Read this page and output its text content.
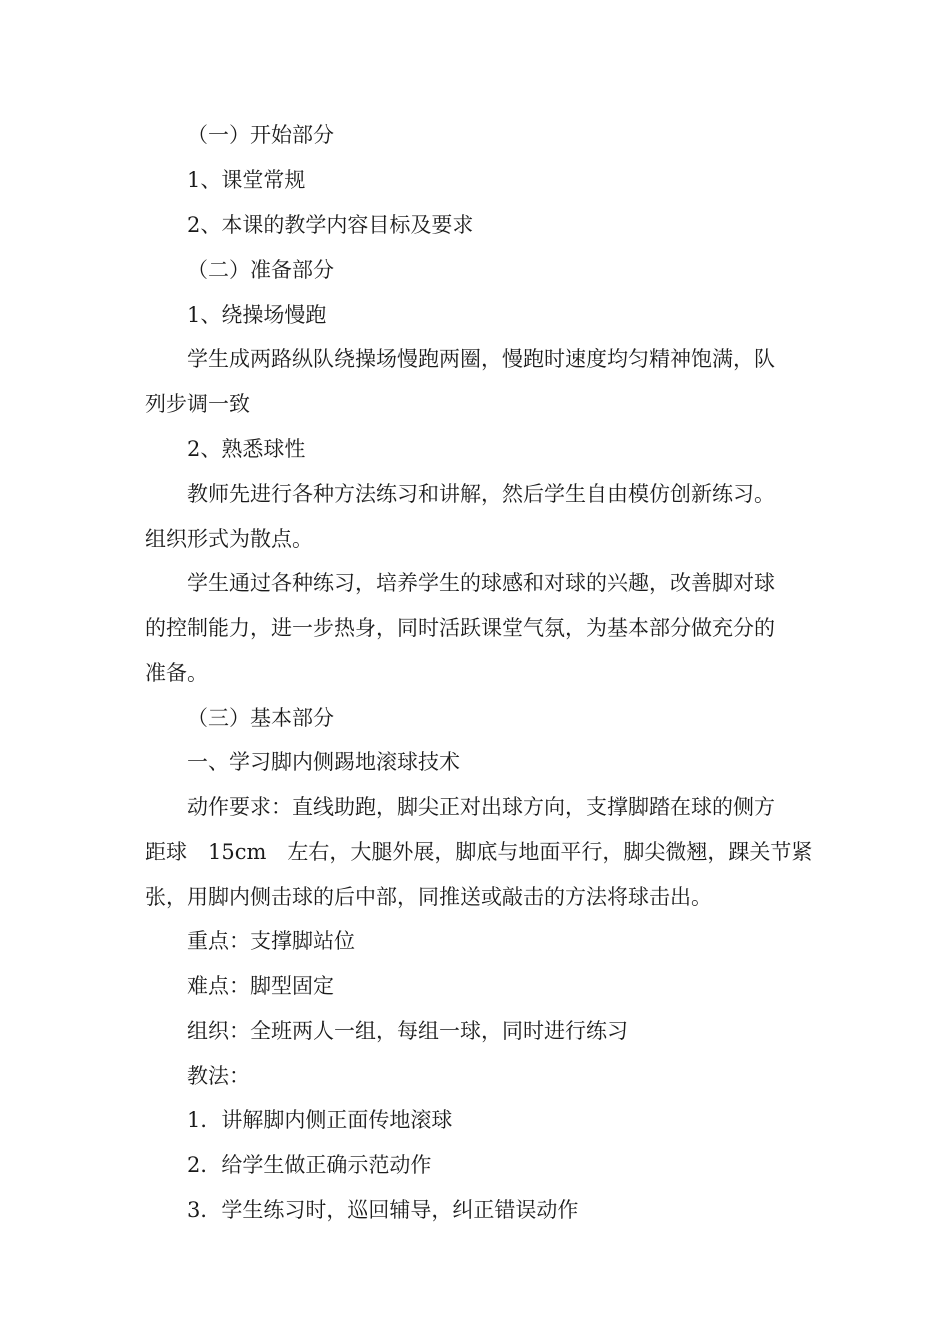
（一）开始部分
1、课堂常规
2、本课的教学内容目标及要求
（二）准备部分
1、绕操场慢跑
学生成两路纵队绕操场慢跑两圈，慢跑时速度均匀精神饱满，队
列步调一致
2、熟悉球性
教师先进行各种方法练习和讲解，然后学生自由模仿创新练习。
组织形式为散点。
学生通过各种练习，培养学生的球感和对球的兴趣，改善脚对球
的控制能力，进一步热身，同时活跃课堂气氛，为基本部分做充分的
准备。
（三）基本部分
一、学习脚内侧踢地滚球技术
动作要求：直线助跑，脚尖正对出球方向，支撑脚踏在球的侧方
距球　15cm　左右，大腿外展，脚底与地面平行，脚尖微翘，踝关节紧
张，用脚内侧击球的后中部，同推送或敲击的方法将球击出。
重点：支撑脚站位
难点：脚型固定
组织：全班两人一组，每组一球，同时进行练习
教法：
1．讲解脚内侧正面传地滚球
2．给学生做正确示范动作
3．学生练习时，巡回辅导，纠正错误动作
